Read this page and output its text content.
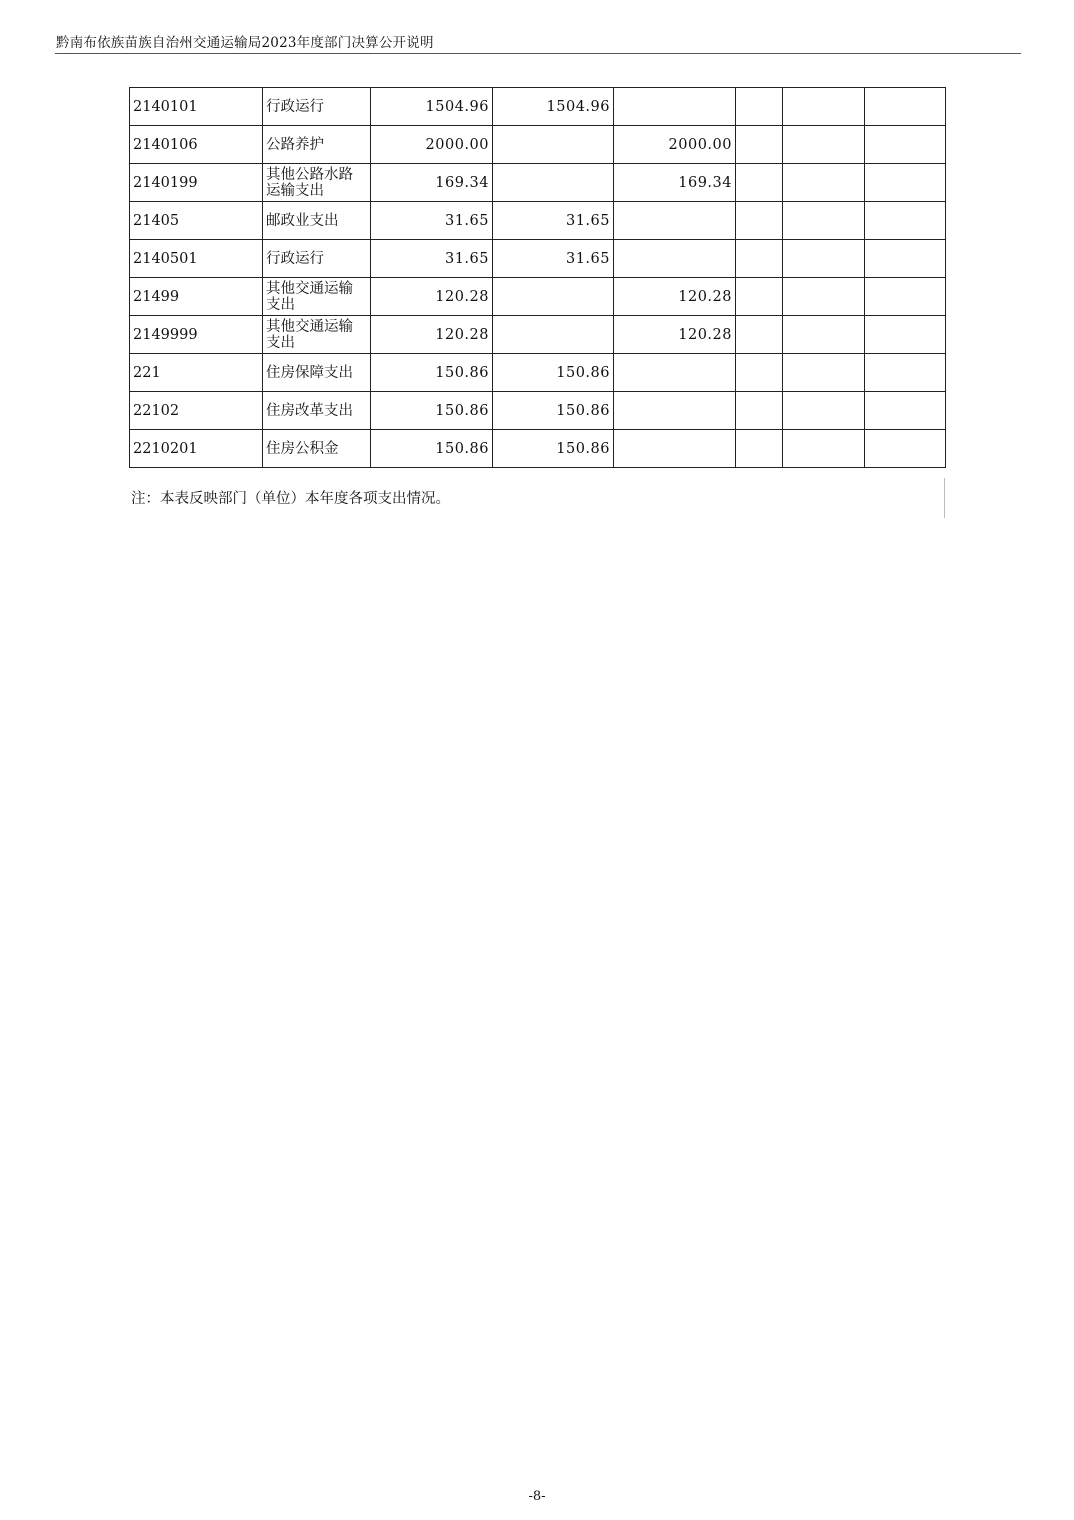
黔南布依族苗族自治州交通运输局2023年度部门决算公开说明
2140101	行政运行	1504.96	1504.96				
2140106	公路养护	2000.00		2000.00			
2140199	其他公路水路运输支出	169.34		169.34			
21405	邮政业支出	31.65	31.65				
2140501	行政运行	31.65	31.65				
21499	其他交通运输支出	120.28		120.28			
2149999	其他交通运输支出	120.28		120.28			
221	住房保障支出	150.86	150.86				
22102	住房改革支出	150.86	150.86				
2210201	住房公积金	150.86	150.86				
注：本表反映部门（单位）本年度各项支出情况。
-8-
